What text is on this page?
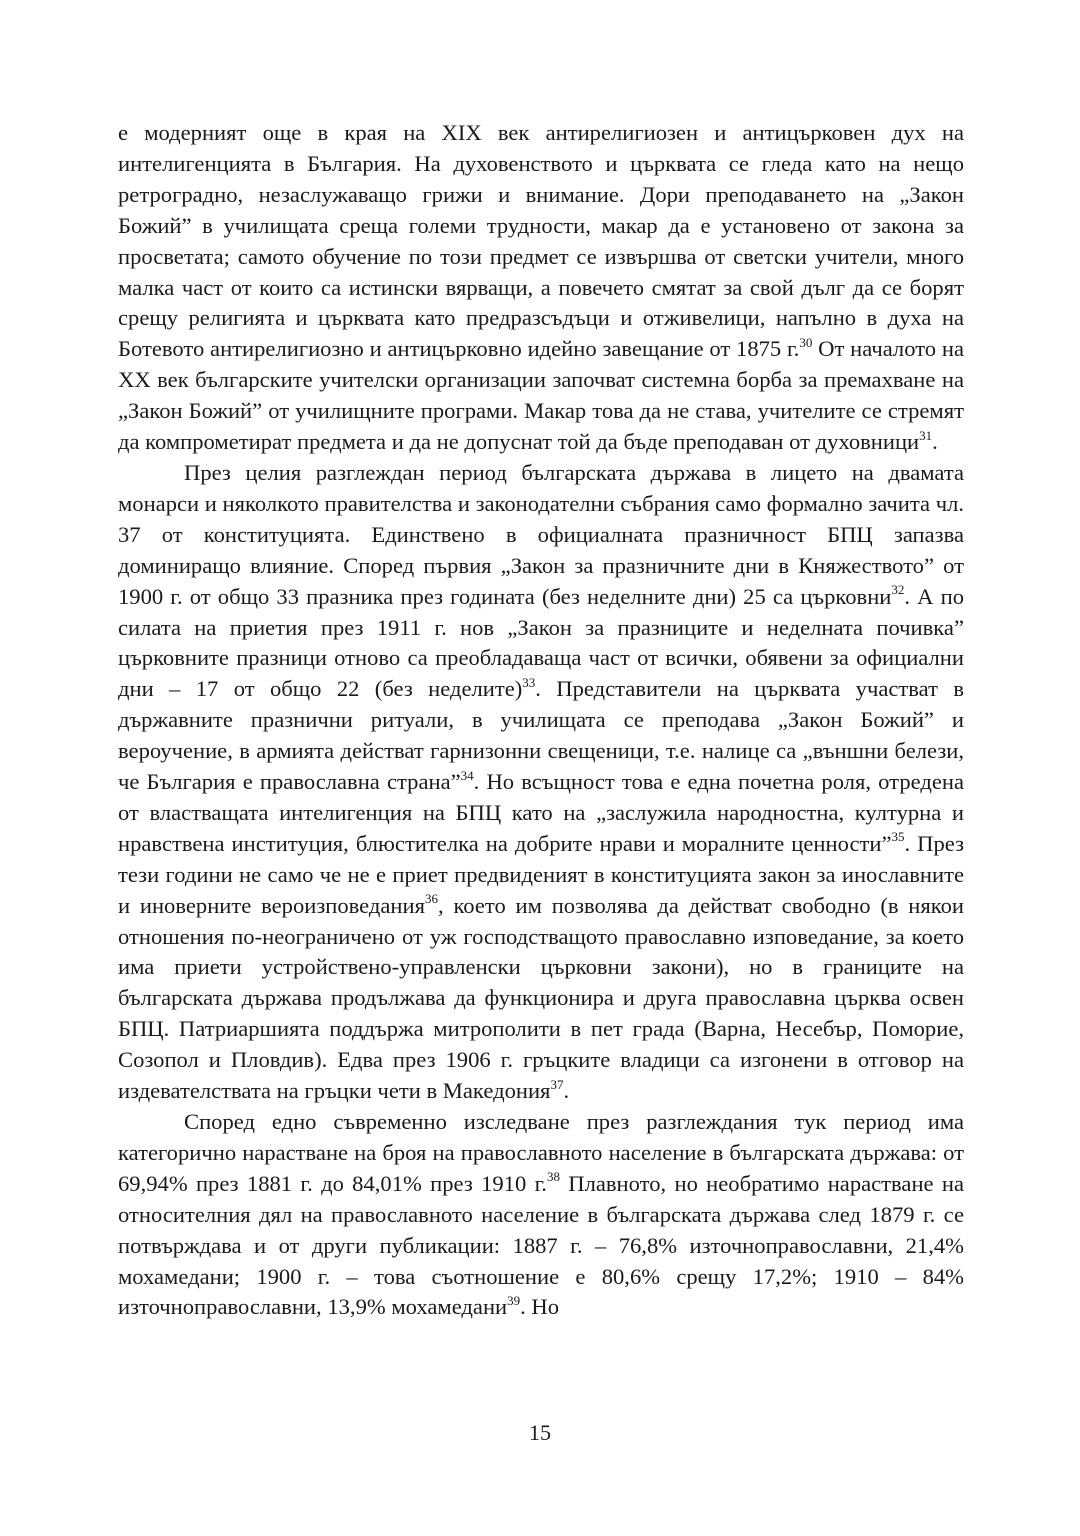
е модерният още в края на XIX век антирелигиозен и антицърковен дух на интелигенцията в България. На духовенството и църквата се гледа като на нещо ретроградно, незаслужаващо грижи и внимание. Дори преподаването на „Закон Божий” в училищата среща големи трудности, макар да е установено от закона за просветата; самото обучение по този предмет се извършва от светски учители, много малка част от които са истински вярващи, а повечето смятат за свой дълг да се борят срещу религията и църквата като предразсъдъци и отживелици, напълно в духа на Ботевото антирелигиозно и антицърковно идейно завещание от 1875 г.$^{30}$ От началото на XX век българските учителски организации започват системна борба за премахване на „Закон Божий” от училищните програми. Макар това да не става, учителите се стремят да компрометират предмета и да не допуснат той да бъде преподаван от духовници$^{31}$.

През целия разглеждан период българската държава в лицето на двамата монарси и няколкото правителства и законодателни събрания само формално зачита чл. 37 от конституцията. Единствено в официалната празничност БПЦ запазва доминиращо влияние. Според първия „Закон за празничните дни в Княжеството” от 1900 г. от общо 33 празника през годината (без неделните дни) 25 са църковни$^{32}$. А по силата на приетия през 1911 г. нов „Закон за празниците и неделната почивка” църковните празници отново са преобладаваща част от всички, обявени за официални дни – 17 от общо 22 (без неделите)$^{33}$. Представители на църквата участват в държавните празнични ритуали, в училищата се преподава „Закон Божий” и вероучение, в армията действат гарнизонни свещеници, т.е. налице са „външни белези, че България е православна страна”$^{34}$. Но всъщност това е една почетна роля, отредена от властващата интелигенция на БПЦ като на „заслужила народностна, културна и нравствена институция, блюстителка на добрите нрави и моралните ценности”$^{35}$. През тези години не само че не е приет предвиденият в конституцията закон за инославните и иноверните вероизповедания$^{36}$, което им позволява да действат свободно (в някои отношения по-неограничено от уж господстващото православно изповедание, за което има приети устройствено-управленски църковни закони), но в границите на българската държава продължава да функционира и друга православна църква освен БПЦ. Патриаршията поддържа митрополити в пет града (Варна, Несебър, Поморие, Созопол и Пловдив). Едва през 1906 г. гръцките владици са изгонени в отговор на издевателствата на гръцки чети в Македония$^{37}$.

Според едно съвременно изследване през разглеждания тук период има категорично нарастване на броя на православното население в българската държава: от 69,94% през 1881 г. до 84,01% през 1910 г.$^{38}$ Плавното, но необратимо нарастване на относителния дял на православното население в българската държава след 1879 г. се потвърждава и от други публикации: 1887 г. – 76,8% източноправославни, 21,4% мохамедани; 1900 г. – това съотношение е 80,6% срещу 17,2%; 1910 – 84% източноправославни, 13,9% мохамедани$^{39}$. Но

15
